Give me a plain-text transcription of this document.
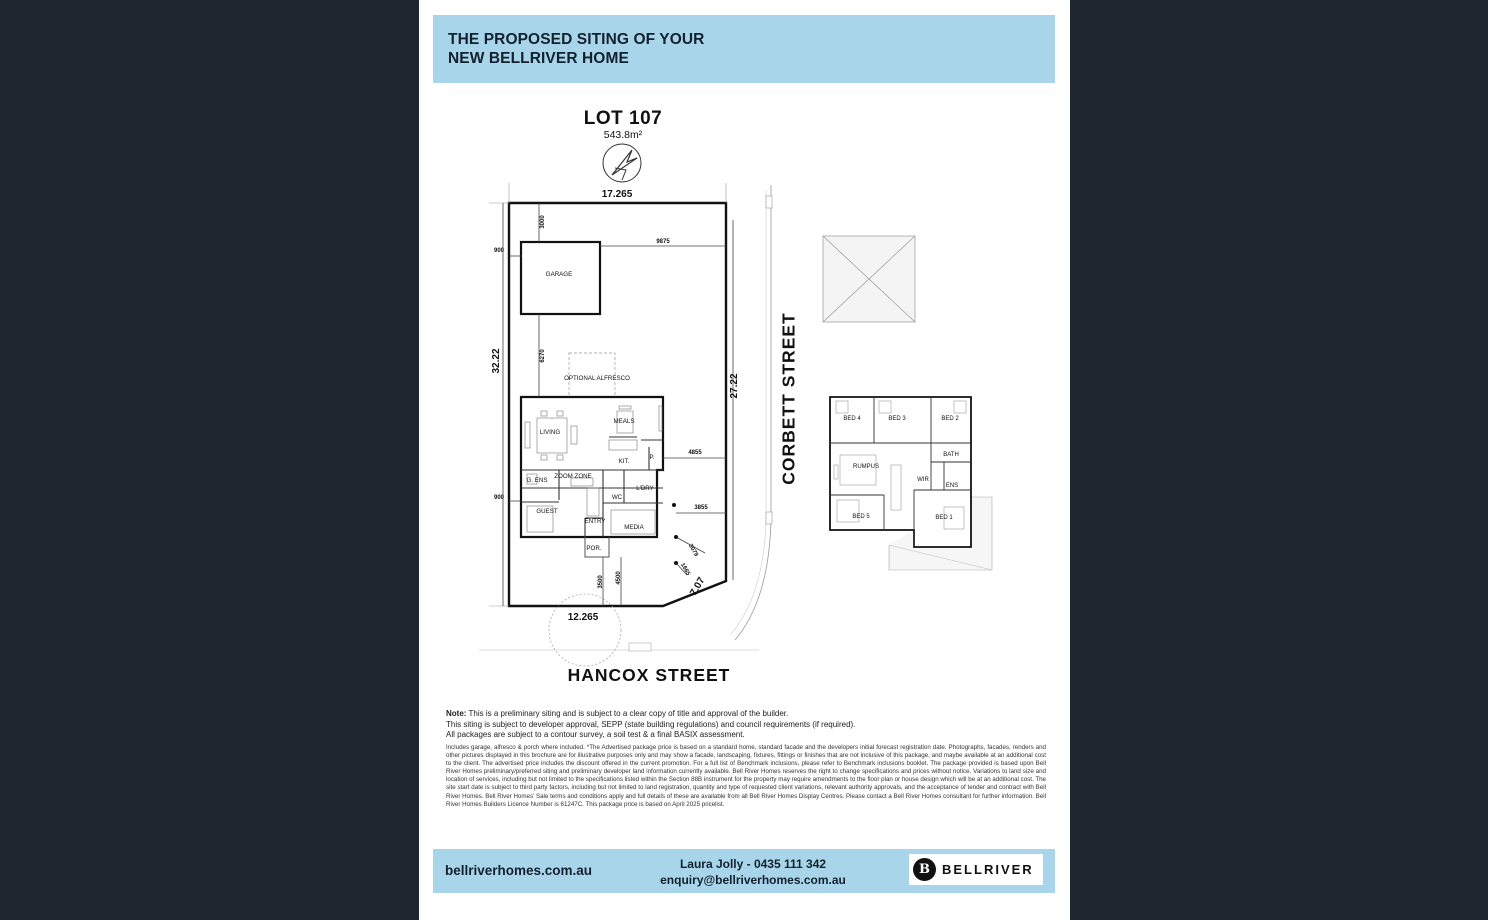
THE PROPOSED SITING OF YOUR
NEW BELLRIVER HOME
LOT 107
543.8m²
17.265
12.265
32.22
27.22
7.07
3000
900
9875
6270
900
4855
3855
3079
1665
3500 4500
GARAGE
OPTIONAL ALFRESCO
LIVING
MEALS
KIT.
P.
G. ENS
ZOOM ZONE
L'DRY
WC
GUEST
ENTRY
MEDIA
POR.
BED 4	BED 3	BED 2
BATH
RUMPUS
WIR
ENS
BED 5	BED 1
HANCOX STREET
CORBETT STREET
Note: This is a preliminary siting and is subject to a clear copy of title and approval of the builder.
This siting is subject to developer approval, SEPP (state building regulations) and council requirements (if required).
All packages are subject to a contour survey, a soil test & a final BASIX assessment.
Includes garage, alfresco & porch where included. *The Advertised package price is based on a standard home, standard facade and the developers initial forecast registration date. Photographs, facades, renders and other pictures displayed in this brochure are for illustrative purposes only and may show a facade, landscaping, fixtures, fittings or finishes that are not inclusive of this package, and maybe available at an additional cost to the client. The advertised price includes the discount offered in the current promotion. For a full list of Benchmark inclusions, please refer to Benchmark inclusions booklet. The package provided is based upon Bell River Homes preliminary/preferred siting and preliminary developer land information currently available. Bell River Homes reserves the right to change specifications and prices without notice. Variations to land size and location of services, including but not limited to the specifications listed within the Section 88B instrument for the property may require amendments to the floor plan or house design which will be at an additional cost. The site start date is subject to third party factors, including but not limited to land registration, quantity and type of requested client variations, relevant authority approvals, and the acceptance of tender and contract with Bell River Homes. Bell River Homes' Sale terms and conditions apply and full details of these are available from all Bell River Homes Display Centres. Please contact a Bell River Homes consultant for further information. Bell River Homes Builders Licence Number is 61247C. This package price is based on April 2025 pricelist.
bellriverhomes.com.au	Laura Jolly - 0435 111 342
enquiry@bellriverhomes.com.au
B BELLRIVER
